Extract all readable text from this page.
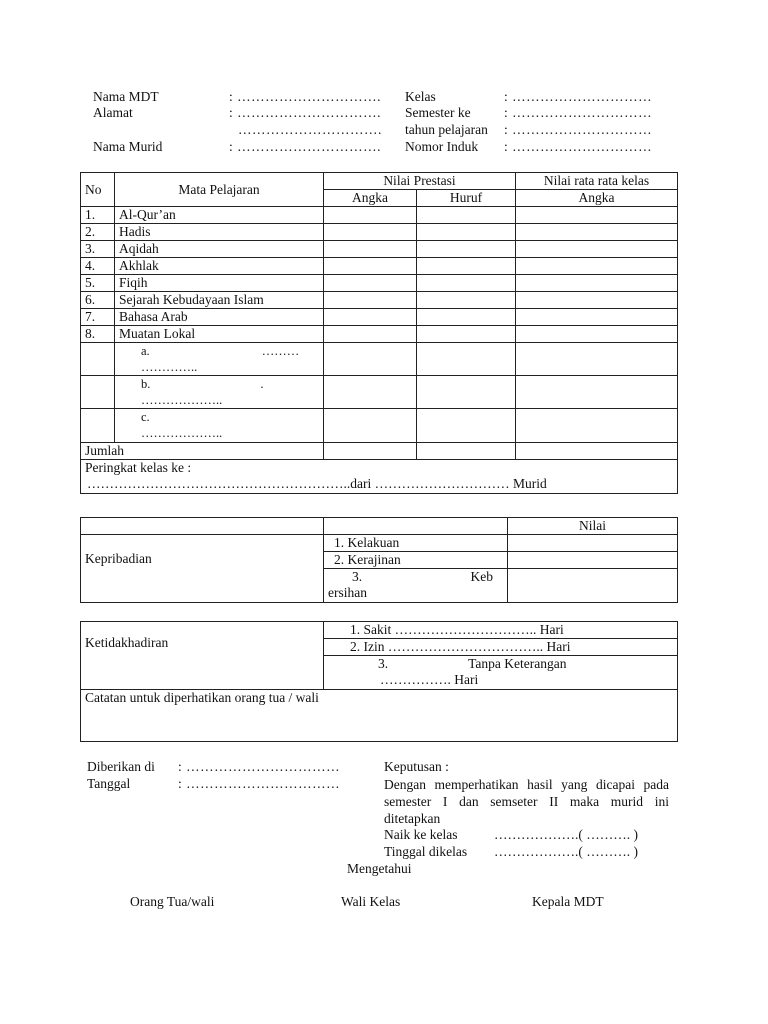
Nama MDT	: …………………………. Kelas	: …………………………
Alamat	: …………………………. Semester ke : …………………………
…………………………. tahun pelajaran : …………………………
Nama Murid	: …………………………. Nomor Induk : …………………………
No	Mata Pelajaran	Nilai Prestasi		Nilai rata rata kelas
		Angka	Huruf	Angka
1.	Al-Qur’an			
2.	Hadis			
3.	Aqidah			
4.	Akhlak			
5.	Fiqih			
6.	Sejarah Kebudayaan Islam			
7.	Bahasa Arab			
8.	Muatan Lokal			

	a. ………
…………..			

	b. .
………………..			

	c.
………………..			

Jumlah				

Peringkat kelas ke :
…………………………………………………..dari ………………………… Murid				
		Nilai
Kepribadian	1. Kelakuan	
	2. Kerajinan	

	3. Keb
ersihan	

Ketidakhadiran	1. Sakit ………………………….. Hari
2. Izin …………………………….. Hari

3.	Tanpa Keterangan
……………. Hari

Catatan untuk diperhatikan orang tua / wali
Diberikan di : ……………………………
Tanggal	: ……………………………
Keputusan :
Dengan memperhatikan hasil yang dicapai pada semester I dan semseter II maka murid ini ditetapkan
Naik ke kelas	……………….( ………. )
Tinggal dikelas ……………….( ………. )
Mengetahui
Orang Tua/wali	Wali Kelas	Kepala MDT
